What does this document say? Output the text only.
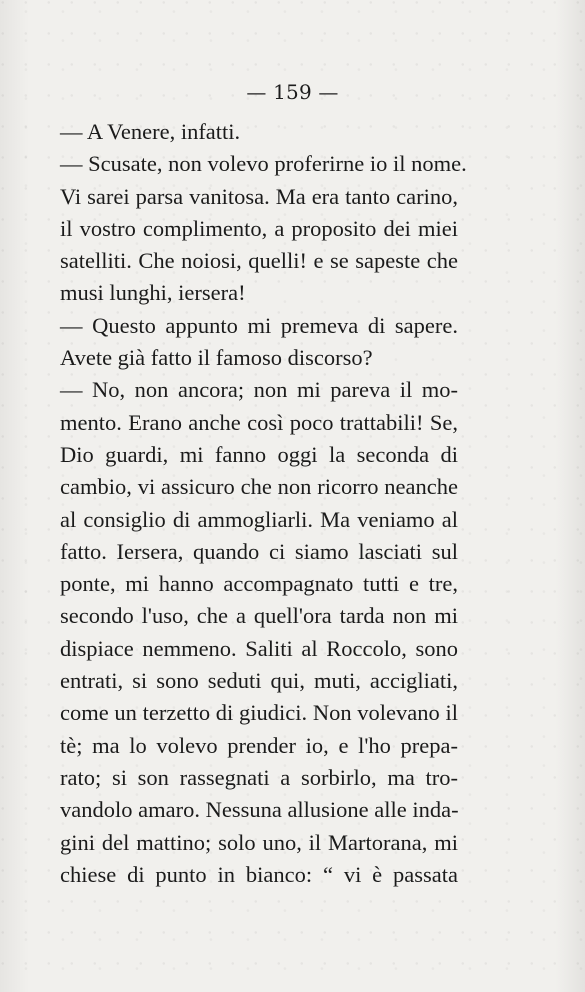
— 159 —
— A Venere, infatti.
— Scusate, non volevo proferirne io il nome.
Vi sarei parsa vanitosa. Ma era tanto carino,
il vostro complimento, a proposito dei miei
satelliti. Che noiosi, quelli! e se sapeste che
musi lunghi, iersera!
— Questo appunto mi premeva di sapere.
Avete già fatto il famoso discorso?
— No, non ancora; non mi pareva il mo-
mento. Erano anche così poco trattabili! Se,
Dio guardi, mi fanno oggi la seconda di
cambio, vi assicuro che non ricorro neanche
al consiglio di ammogliarli. Ma veniamo al
fatto. Iersera, quando ci siamo lasciati sul
ponte, mi hanno accompagnato tutti e tre,
secondo l'uso, che a quell'ora tarda non mi
dispiace nemmeno. Saliti al Roccolo, sono
entrati, si sono seduti qui, muti, accigliati,
come un terzetto di giudici. Non volevano il
tè; ma lo volevo prender io, e l'ho prepa-
rato; si son rassegnati a sorbirlo, ma tro-
vandolo amaro. Nessuna allusione alle inda-
gini del mattino; solo uno, il Martorana, mi
chiese di punto in bianco: “ vi è passata
